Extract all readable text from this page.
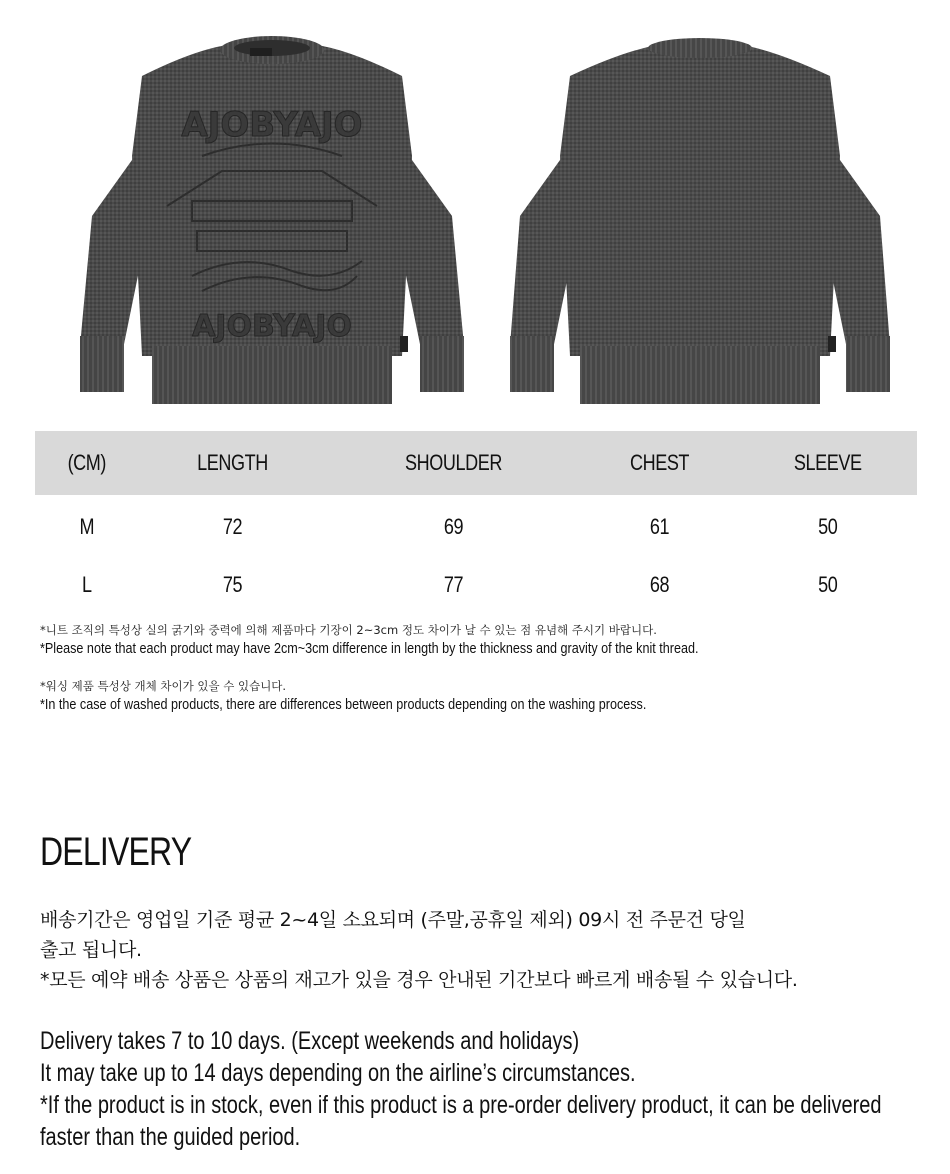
AJOBYAJO
AJOBYAJO
(CM)	LENGTH	SHOULDER	CHEST	SLEEVE
M	72	69	61	50
L	75	77	68	50

*니트 조직의 특성상 실의 굵기와 중력에 의해 제품마다 기장이 2~3cm 정도 차이가 날 수 있는 점 유념해 주시기 바랍니다.

*Please note that each product may have 2cm~3cm difference in length by the thickness and gravity of the knit thread.

*워싱 제품 특성상 개체 차이가 있을 수 있습니다.

*In the case of washed products, there are differences between products depending on the washing process.

DELIVERY

배송기간은 영업일 기준 평균 2~4일 소요되며 (주말,공휴일 제외) 09시 전 주문건 당일

출고 됩니다.

*모든 예약 배송 상품은 상품의 재고가 있을 경우 안내된 기간보다 빠르게 배송될 수 있습니다.

Delivery takes 7 to 10 days. (Except weekends and holidays)

It may take up to 14 days depending on the airline’s circumstances.

*If the product is in stock, even if this product is a pre-order delivery product, it can be delivered

faster than the guided period.
